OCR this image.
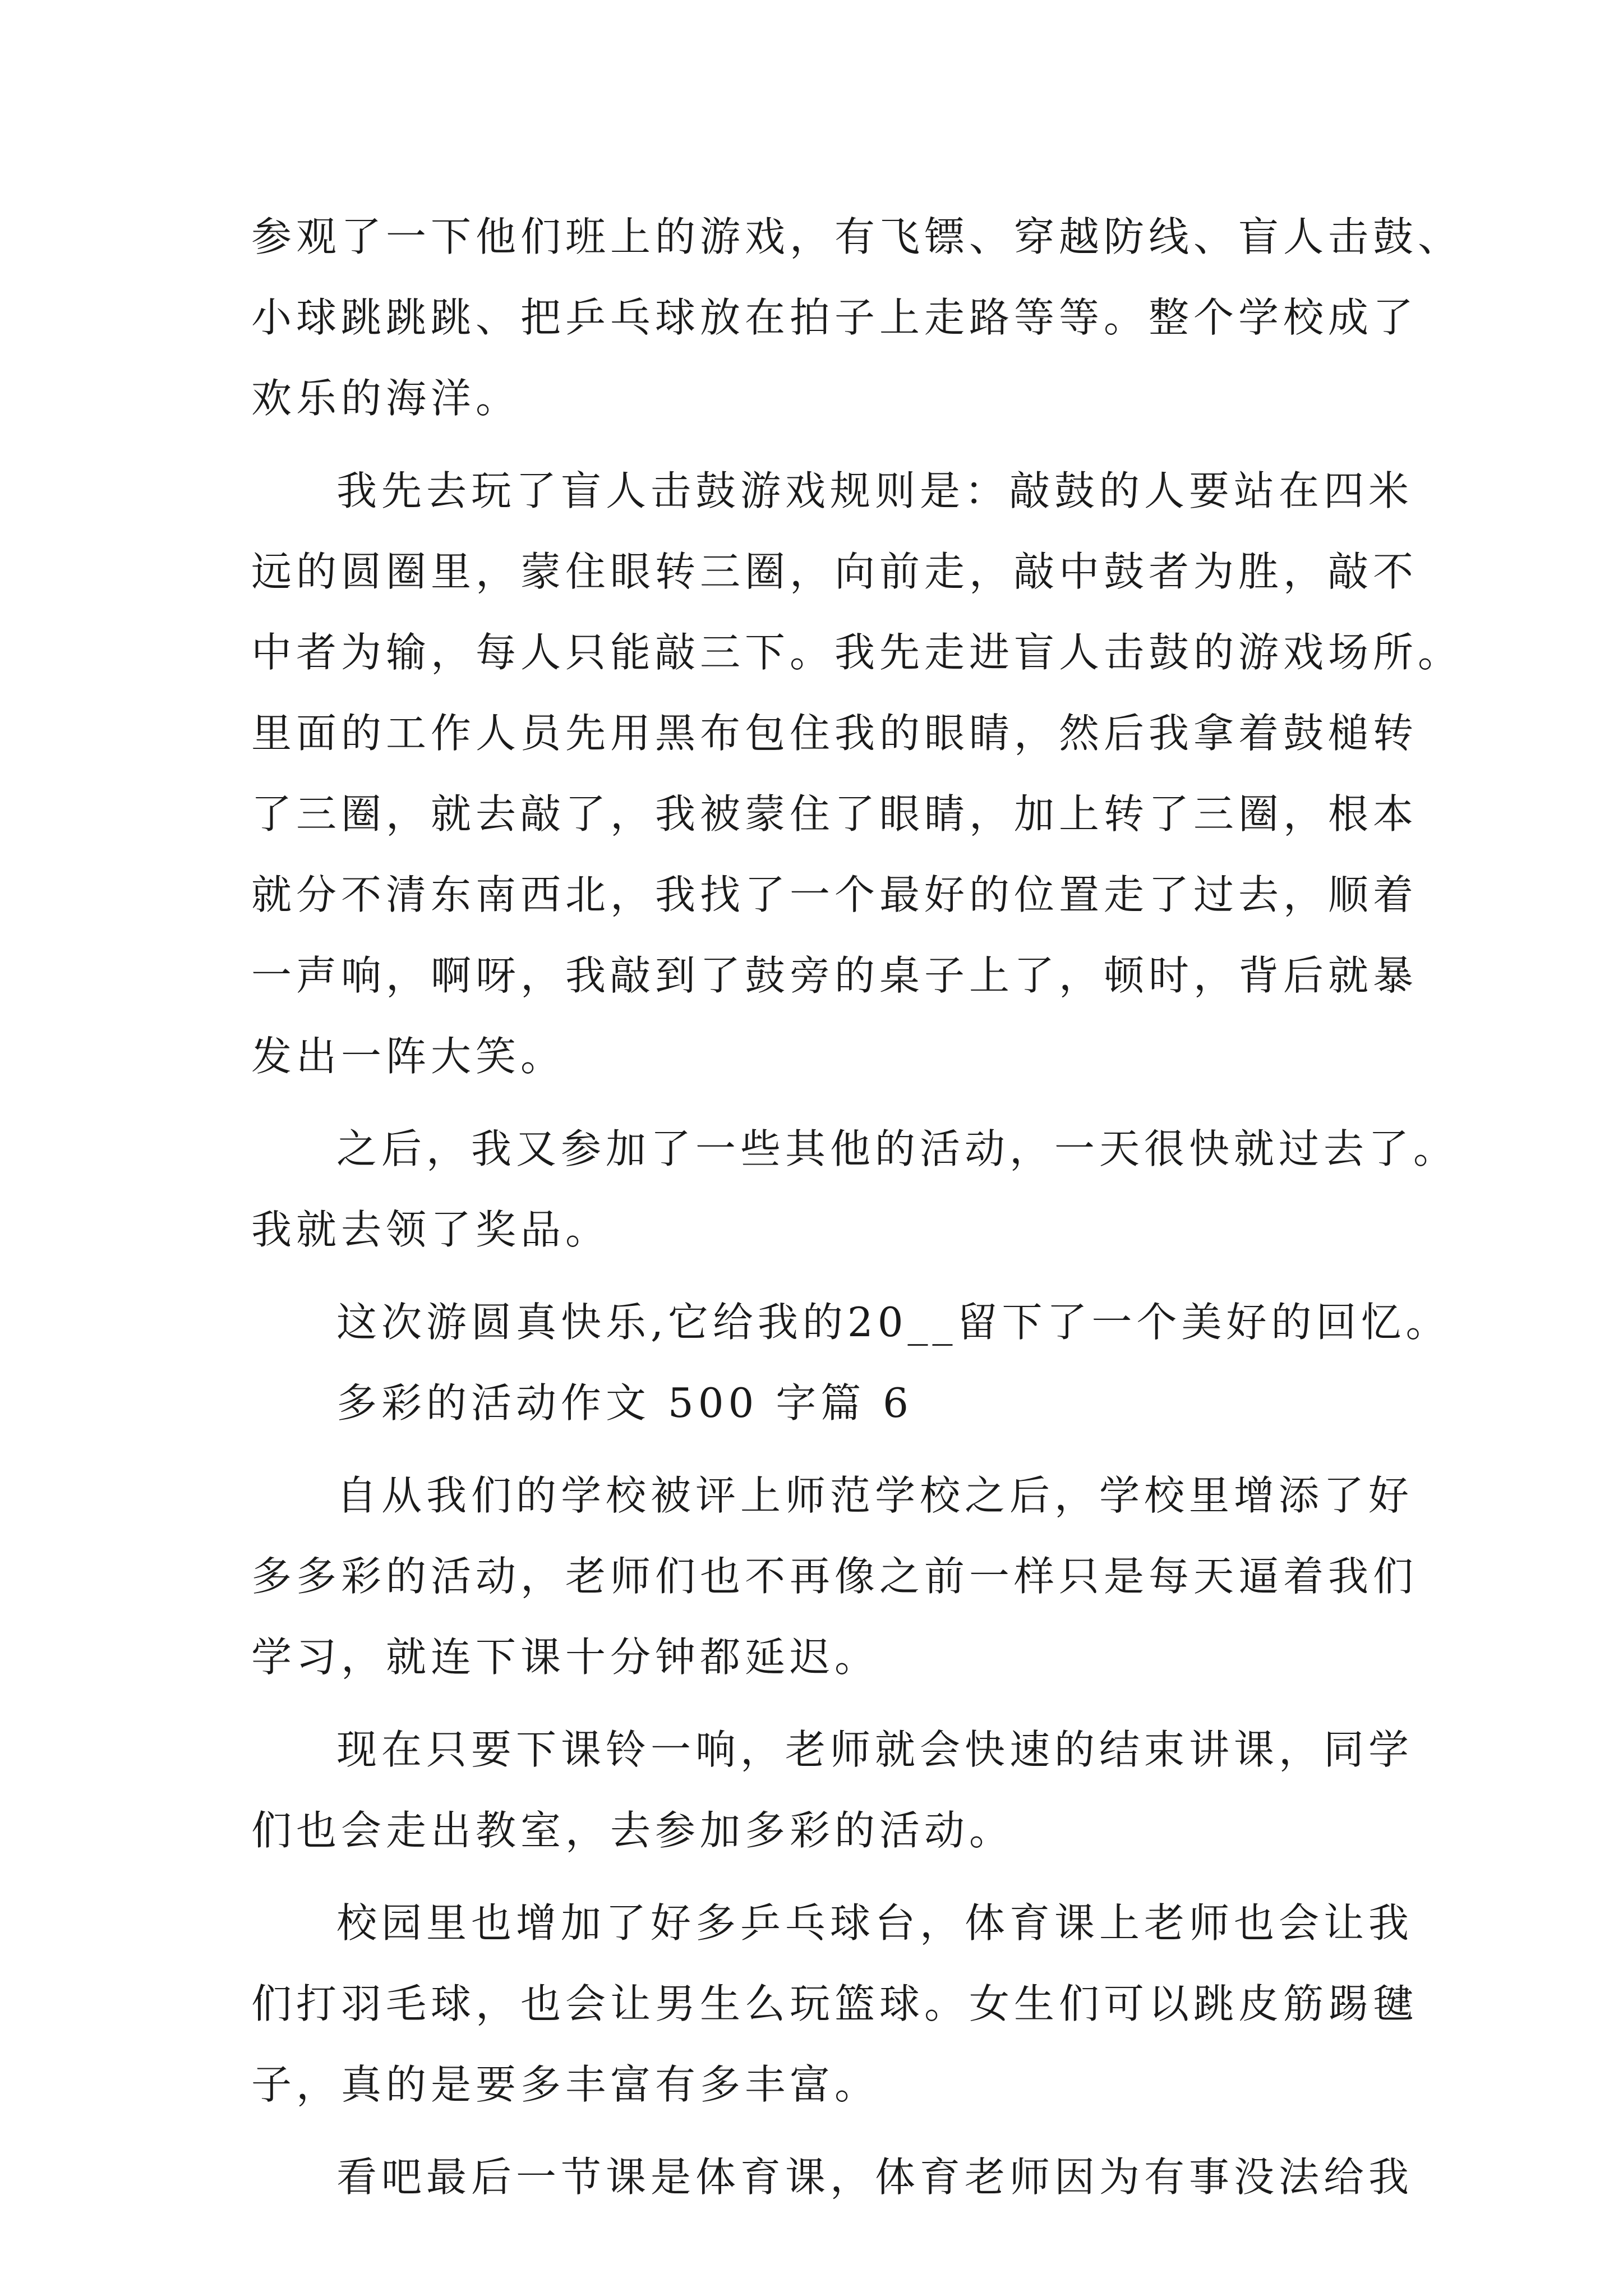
参观了一下他们班上的游戏，有飞镖、穿越防线、盲人击鼓、
小球跳跳跳、把乒乓球放在拍子上走路等等。整个学校成了
欢乐的海洋。
我先去玩了盲人击鼓游戏规则是：敲鼓的人要站在四米
远的圆圈里，蒙住眼转三圈，向前走，敲中鼓者为胜，敲不
中者为输，每人只能敲三下。我先走进盲人击鼓的游戏场所。
里面的工作人员先用黑布包住我的眼睛，然后我拿着鼓槌转
了三圈，就去敲了，我被蒙住了眼睛，加上转了三圈，根本
就分不清东南西北，我找了一个最好的位置走了过去，顺着
一声响，啊呀，我敲到了鼓旁的桌子上了，顿时，背后就暴
发出一阵大笑。
之后，我又参加了一些其他的活动，一天很快就过去了。
我就去领了奖品。
这次游圆真快乐,它给我的20__留下了一个美好的回忆。
多彩的活动作文 500 字篇 6
自从我们的学校被评上师范学校之后，学校里增添了好
多多彩的活动，老师们也不再像之前一样只是每天逼着我们
学习，就连下课十分钟都延迟。
现在只要下课铃一响，老师就会快速的结束讲课，同学
们也会走出教室，去参加多彩的活动。
校园里也增加了好多乒乓球台，体育课上老师也会让我
们打羽毛球，也会让男生么玩篮球。女生们可以跳皮筋踢毽
子，真的是要多丰富有多丰富。
看吧最后一节课是体育课，体育老师因为有事没法给我
